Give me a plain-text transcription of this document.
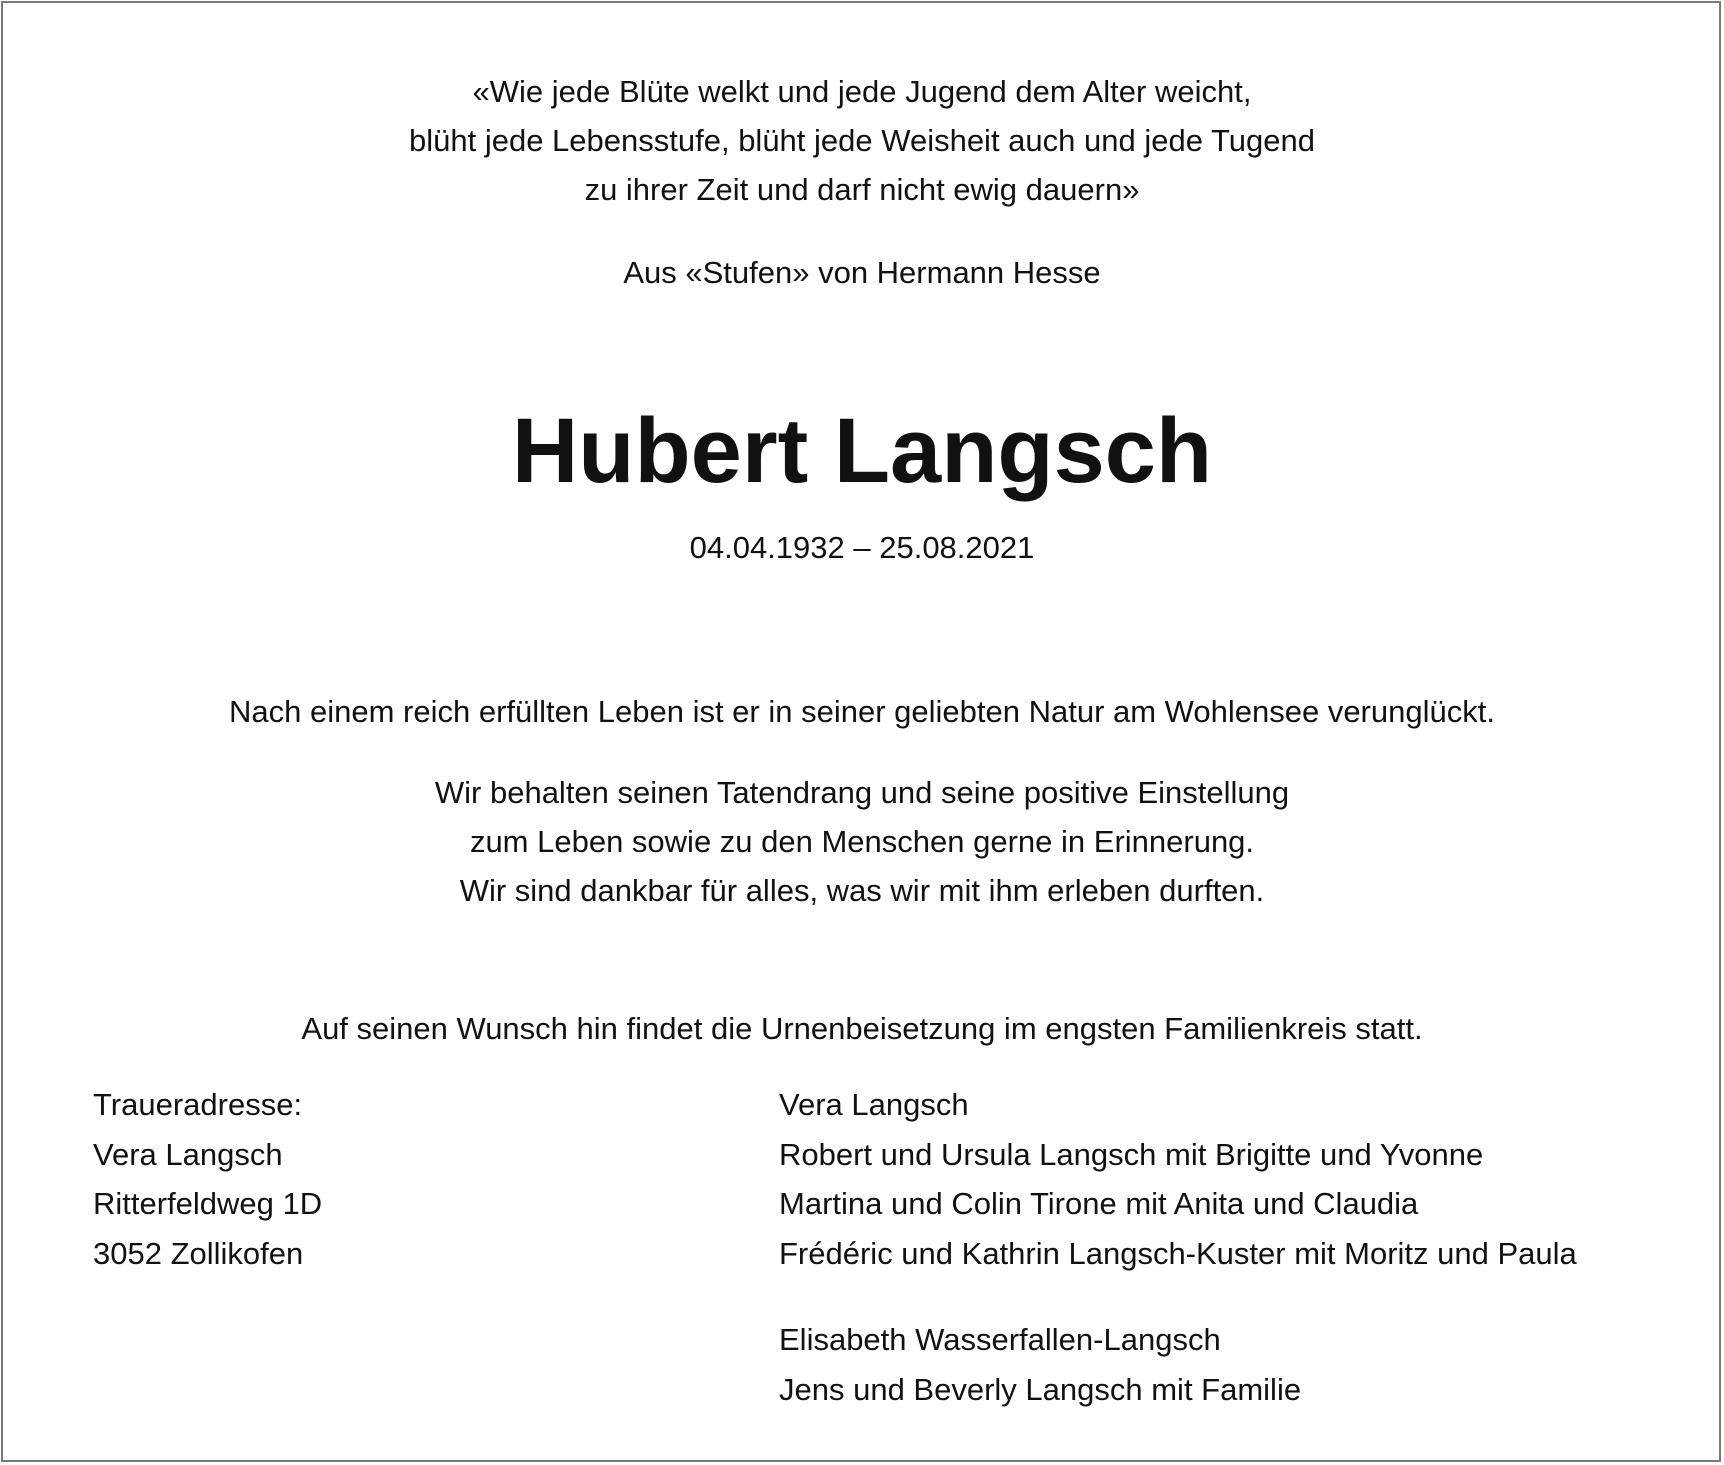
«Wie jede Blüte welkt und jede Jugend dem Alter weicht,
blüht jede Lebensstufe, blüht jede Weisheit auch und jede Tugend
zu ihrer Zeit und darf nicht ewig dauern»
Aus «Stufen» von Hermann Hesse
Hubert Langsch
04.04.1932 – 25.08.2021
Nach einem reich erfüllten Leben ist er in seiner geliebten Natur am Wohlensee verunglückt.
Wir behalten seinen Tatendrang und seine positive Einstellung
zum Leben sowie zu den Menschen gerne in Erinnerung.
Wir sind dankbar für alles, was wir mit ihm erleben durften.
Auf seinen Wunsch hin findet die Urnenbeisetzung im engsten Familienkreis statt.
Traueradresse:
Vera Langsch
Ritterfeldweg 1D
3052 Zollikofen
Vera Langsch
Robert und Ursula Langsch mit Brigitte und Yvonne
Martina und Colin Tirone mit Anita und Claudia
Frédéric und Kathrin Langsch-Kuster mit Moritz und Paula
Elisabeth Wasserfallen-Langsch
Jens und Beverly Langsch mit Familie
